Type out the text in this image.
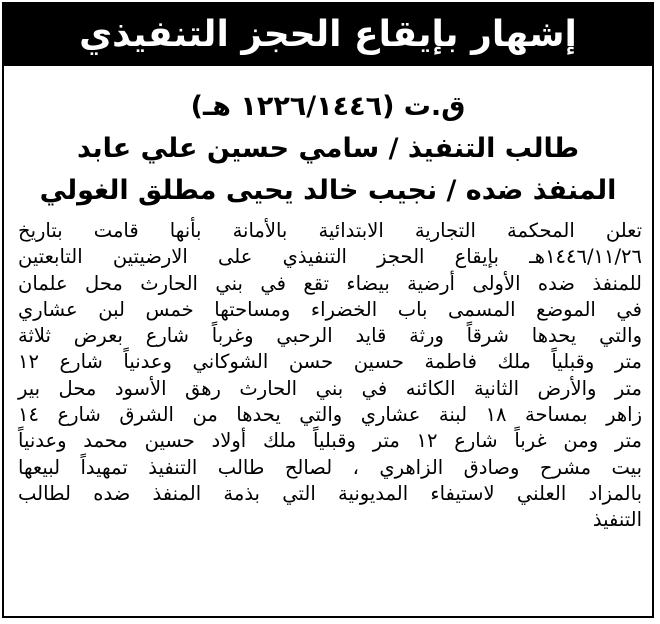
إشهار بإيقاع الحجز التنفيذي
ق.ت (١٢٢٦/١٤٤٦ هـ)
طالب التنفيذ / سامي حسين علي عابد
المنفذ ضده / نجيب خالد يحيى مطلق الغولي
تعلن المحكمة التجارية الابتدائية بالأمانة بأنها قامت بتاريخ
١٤٤٦/١١/٢٦هـ بإيقاع الحجز التنفيذي على الارضيتين التابعتين
للمنفذ ضده الأولى أرضية بيضاء تقع في بني الحارث محل علمان
في الموضع المسمى باب الخضراء ومساحتها خمس لبن عشاري
والتي يحدها شرقاً ورثة قايد الرحبي وغرباً شارع بعرض ثلاثة
متر وقبلياً ملك فاطمة حسين حسن الشوكاني وعدنياً شارع ١٢
متر والأرض الثانية الكائنه في بني الحارث رهق الأسود محل بير
زاهر بمساحة ١٨ لبنة عشاري والتي يحدها من الشرق شارع ١٤
متر ومن غرباً شارع ١٢ متر وقبلياً ملك أولاد حسين محمد وعدنياً
بيت مشرح وصادق الزاهري ، لصالح طالب التنفيذ تمهيداً لبيعها
بالمزاد العلني لاستيفاء المديونية التي بذمة المنفذ ضده لطالب
التنفيذ
